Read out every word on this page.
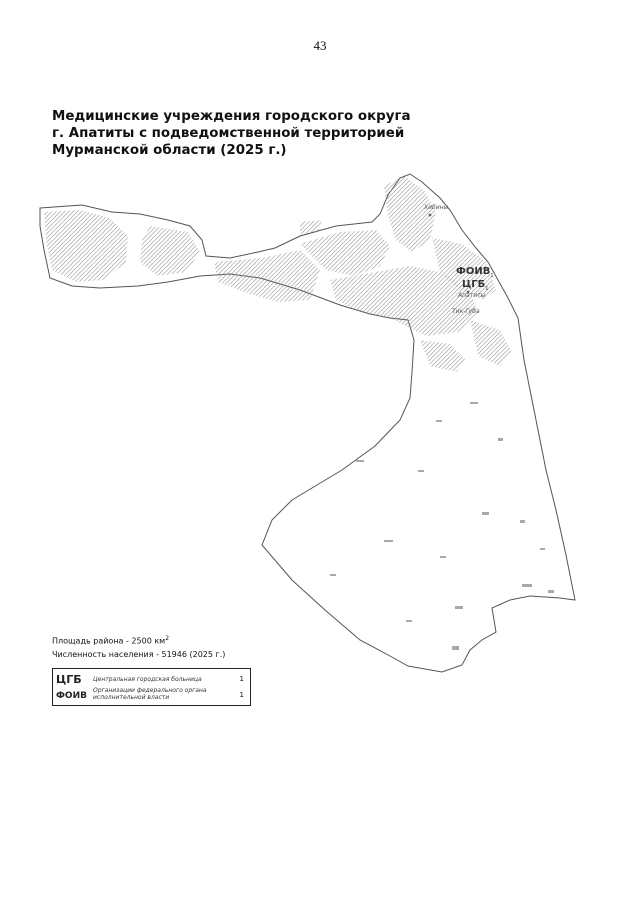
43
Медицинские учреждения городского округа
г. Апатиты с подведомственной территорией
Мурманской области (2025 г.)
Хибины
Апатиты
Тик-Губа
$ФОИВ_1$
$ЦГБ_1$
Площадь района - 2500 $км^2$
Численность населения - 51946 (2025 г.)
ЦГБ Центральная городская больница	1
ФОИВ
Организации федерального органа исполнительной власти	1
